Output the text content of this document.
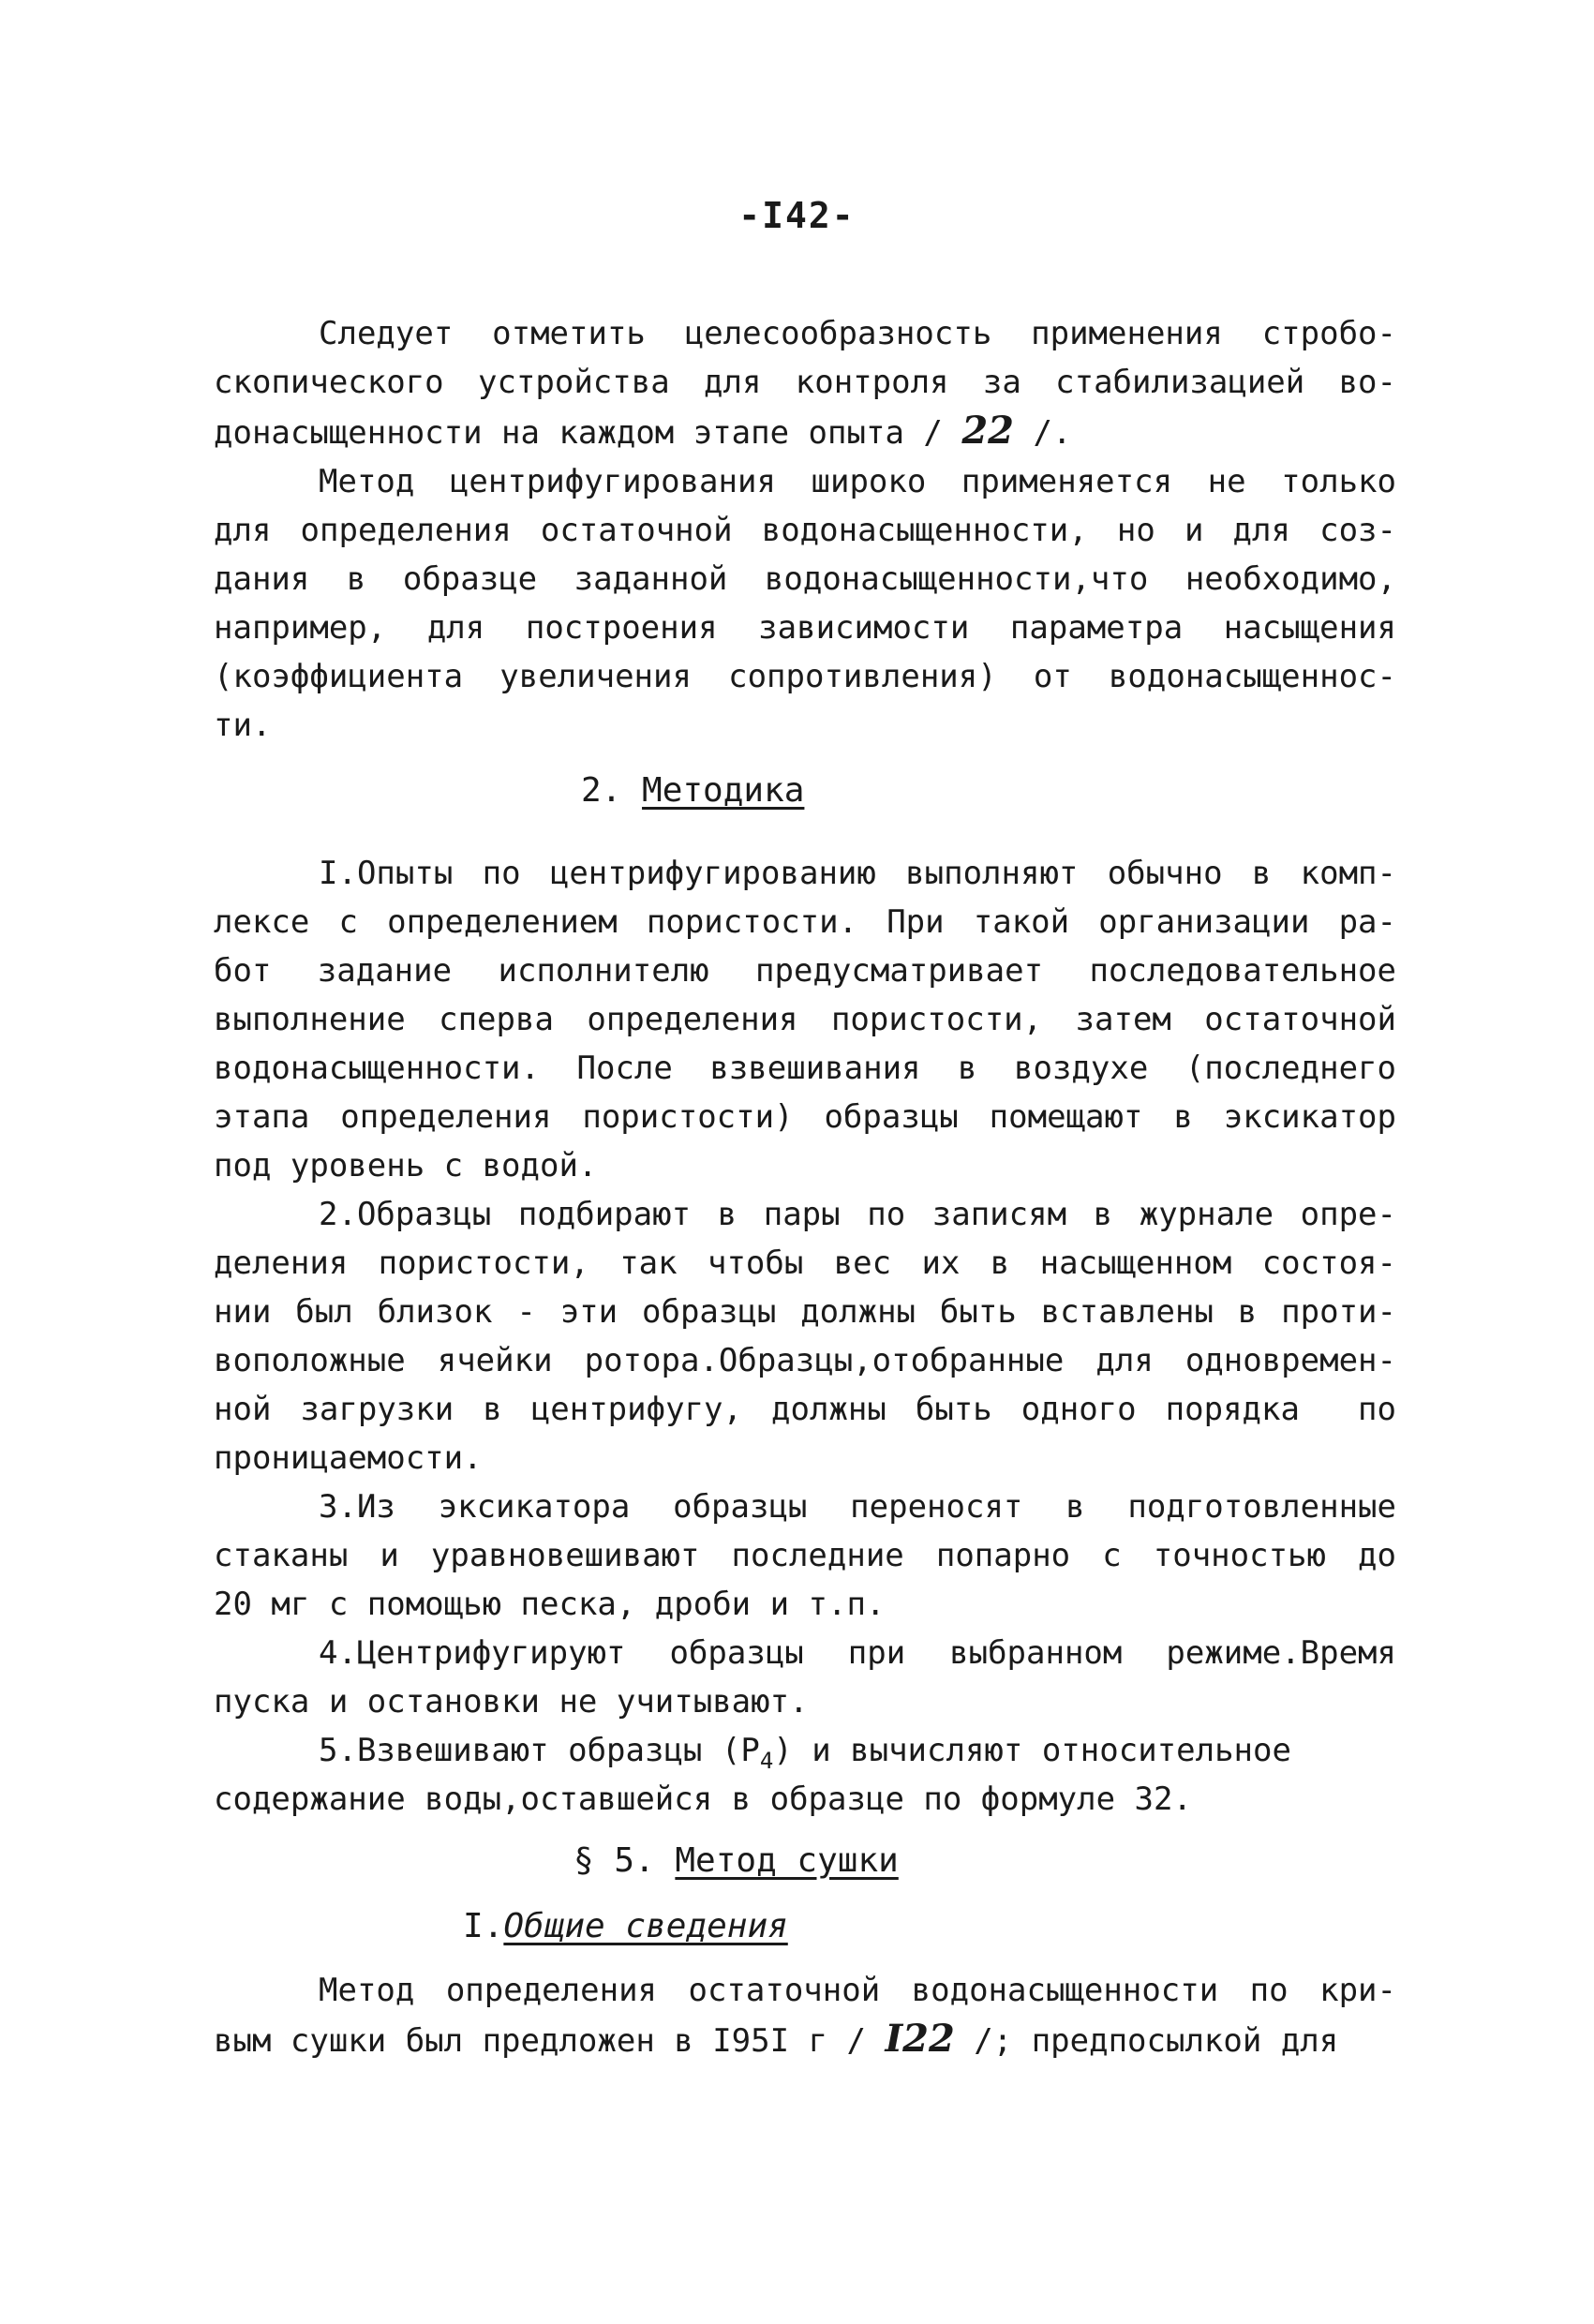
-I42-
Следует отметить целесообразность применения стробо-
скопического устройства для контроля за стабилизацией во-
донасыщенности на каждом этапе опыта / 22 /.
Метод центрифугирования широко применяется не только
для определения остаточной водонасыщенности, но и для соз-
дания в образце заданной водонасыщенности,что необходимо,
например, для построения зависимости параметра насыщения
(коэффициента увеличения сопротивления) от водонасыщеннос-
ти.
2. Методика
I.Опыты по центрифугированию выполняют обычно в комп-
лексе с определением пористости. При такой организации ра-
бот задание исполнителю предусматривает последовательное
выполнение сперва определения пористости, затем остаточной
водонасыщенности. После взвешивания в воздухе (последнего
этапа определения пористости) образцы помещают в эксикатор
под уровень с водой.
2.Образцы подбирают в пары по записям в журнале опре-
деления пористости, так чтобы вес их в насыщенном состоя-
нии был близок - эти образцы должны быть вставлены в проти-
воположные ячейки ротора.Образцы,отобранные для одновремен-
ной загрузки в центрифугу, должны быть одного порядка  по
проницаемости.
3.Из эксикатора образцы переносят в подготовленные
стаканы и уравновешивают последние попарно с точностью до
20 мг с помощью песка, дроби и т.п.
4.Центрифугируют образцы при выбранном режиме.Время
пуска и остановки не учитывают.
5.Взвешивают образцы $(P_4)$ и вычисляют относительное
содержание воды,оставшейся в образце по формуле 32.
§ 5. Метод сушки
I.Общие сведения
Метод определения остаточной водонасыщенности по кри-
вым сушки был предложен в I95I г / I22 /; предпосылкой для
